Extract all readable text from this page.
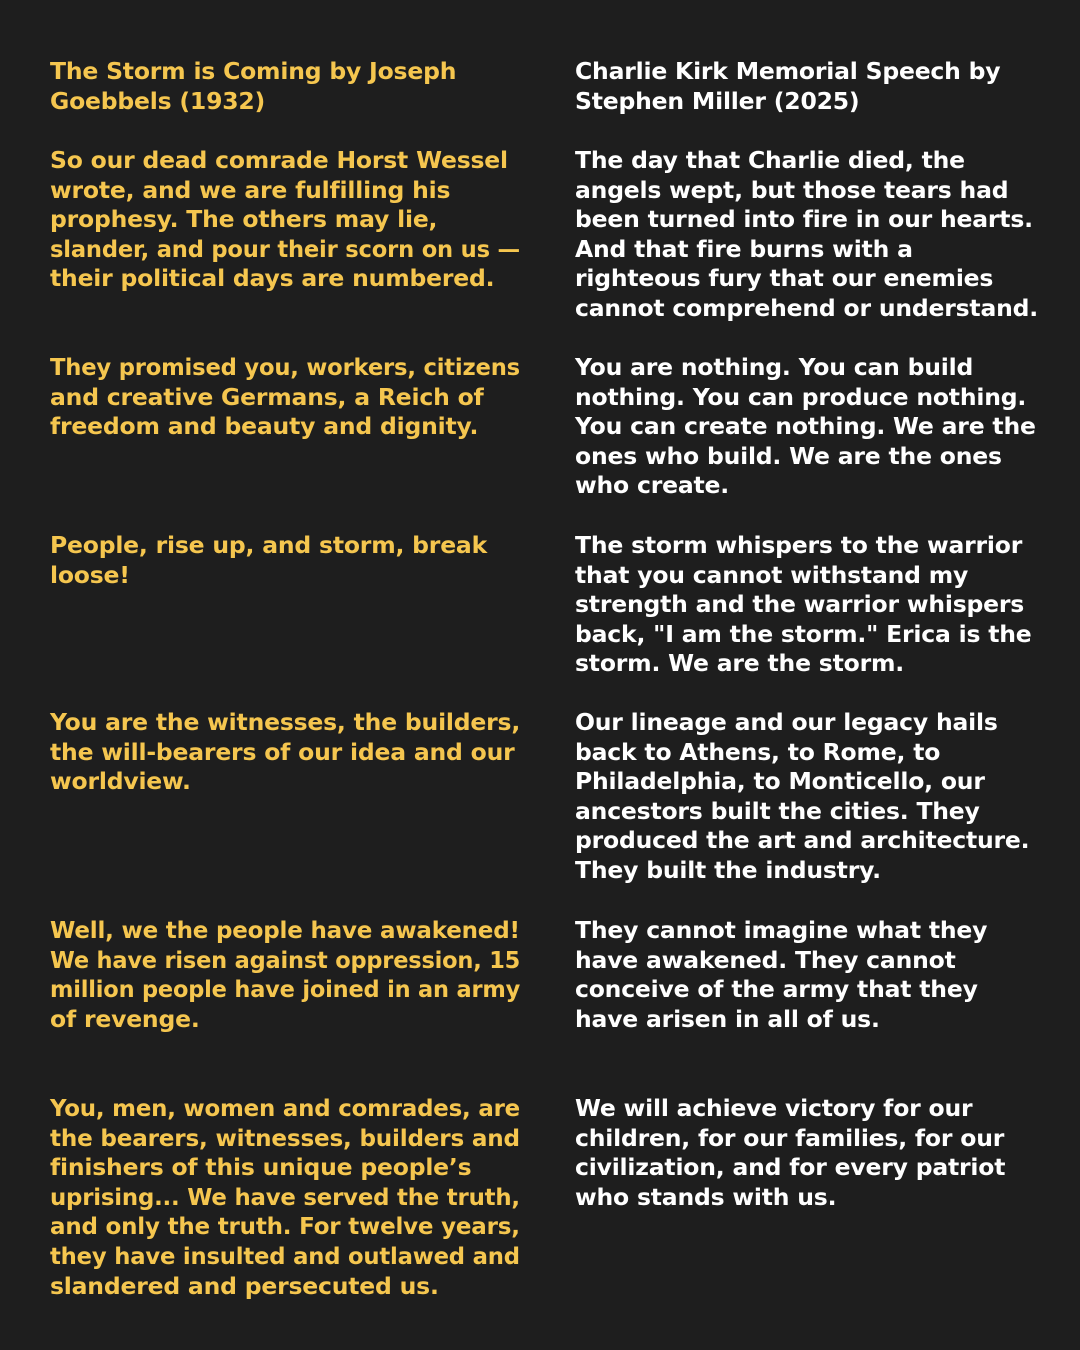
The Storm is Coming by Joseph
Goebbels (1932)

So our dead comrade Horst Wessel
wrote, and we are fulfilling his
prophesy. The others may lie,
slander, and pour their scorn on us —
their political days are numbered.

They promised you, workers, citizens
and creative Germans, a Reich of
freedom and beauty and dignity.

People, rise up, and storm, break
loose!

You are the witnesses, the builders,
the will-bearers of our idea and our
worldview.

Well, we the people have awakened!
We have risen against oppression, 15
million people have joined in an army
of revenge.

You, men, women and comrades, are
the bearers, witnesses, builders and
finishers of this unique people’s
uprising... We have served the truth,
and only the truth. For twelve years,
they have insulted and outlawed and
slandered and persecuted us.

Charlie Kirk Memorial Speech by
Stephen Miller (2025)

The day that Charlie died, the
angels wept, but those tears had
been turned into fire in our hearts.
And that fire burns with a
righteous fury that our enemies
cannot comprehend or understand.

You are nothing. You can build
nothing. You can produce nothing.
You can create nothing. We are the
ones who build. We are the ones
who create.

The storm whispers to the warrior
that you cannot withstand my
strength and the warrior whispers
back, "I am the storm." Erica is the
storm. We are the storm.

Our lineage and our legacy hails
back to Athens, to Rome, to
Philadelphia, to Monticello, our
ancestors built the cities. They
produced the art and architecture.
They built the industry.

They cannot imagine what they
have awakened. They cannot
conceive of the army that they
have arisen in all of us.

We will achieve victory for our
children, for our families, for our
civilization, and for every patriot
who stands with us.
